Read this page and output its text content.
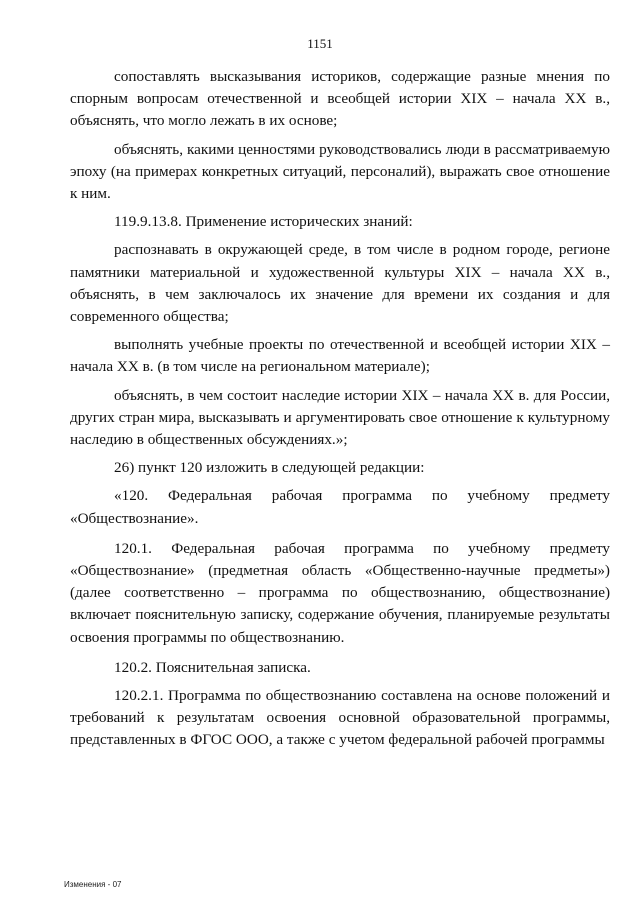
1151

сопоставлять высказывания историков, содержащие разные мнения по спорным вопросам отечественной и всеобщей истории XIX – начала XX в., объяснять, что могло лежать в их основе;

объяснять, какими ценностями руководствовались люди в рассматриваемую эпоху (на примерах конкретных ситуаций, персоналий), выражать свое отношение к ним.

119.9.13.8. Применение исторических знаний:

распознавать в окружающей среде, в том числе в родном городе, регионе памятники материальной и художественной культуры XIX – начала XX в., объяснять, в чем заключалось их значение для времени их создания и для современного общества;

выполнять учебные проекты по отечественной и всеобщей истории XIX – начала XX в. (в том числе на региональном материале);

объяснять, в чем состоит наследие истории XIX – начала XX в. для России, других стран мира, высказывать и аргументировать свое отношение к культурному наследию в общественных обсуждениях.»;

26) пункт 120 изложить в следующей редакции:

«120. Федеральная рабочая программа по учебному предмету «Обществознание».

120.1. Федеральная рабочая программа по учебному предмету «Обществознание» (предметная область «Общественно-научные предметы») (далее соответственно – программа по обществознанию, обществознание) включает пояснительную записку, содержание обучения, планируемые результаты освоения программы по обществознанию.

120.2. Пояснительная записка.

120.2.1. Программа по обществознанию составлена на основе положений и требований к результатам освоения основной образовательной программы, представленных в ФГОС ООО, а также с учетом федеральной рабочей программы

Изменения - 07
